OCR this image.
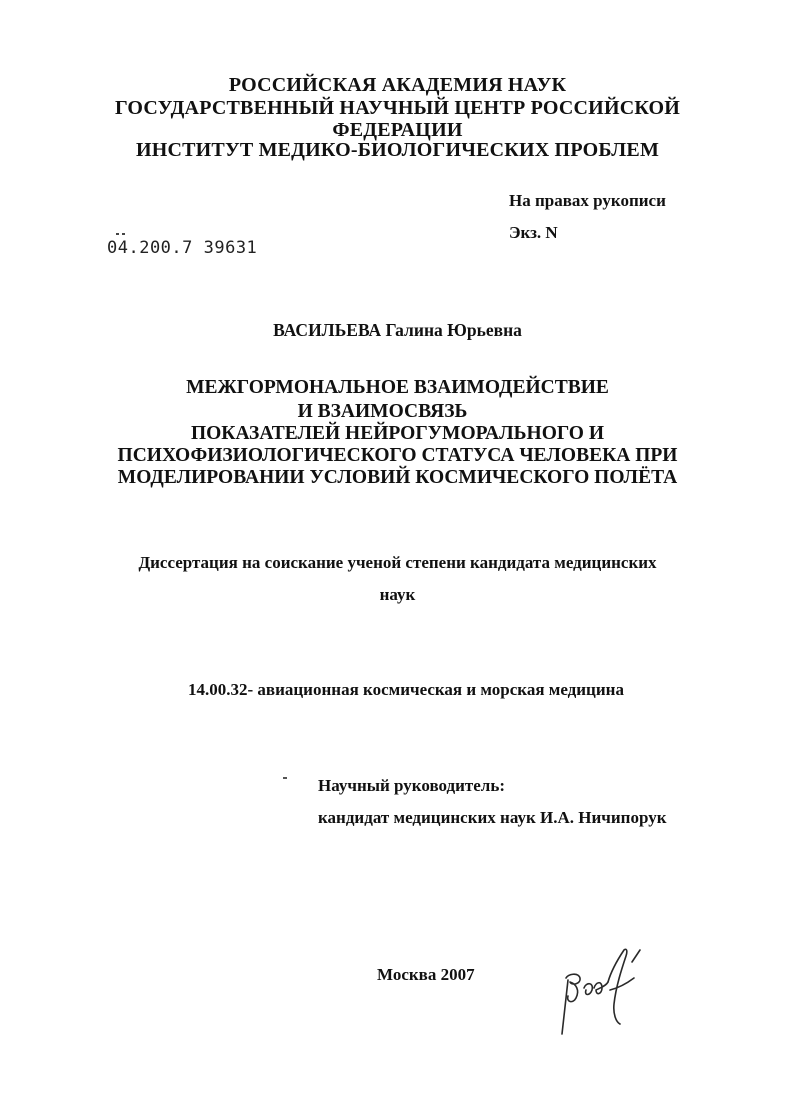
РОССИЙСКАЯ АКАДЕМИЯ НАУК
ГОСУДАРСТВЕННЫЙ НАУЧНЫЙ ЦЕНТР РОССИЙСКОЙ
ФЕДЕРАЦИИ
ИНСТИТУТ МЕДИКО-БИОЛОГИЧЕСКИХ ПРОБЛЕМ
На правах рукописи
Экз. N
04.200.7 39631
ВАСИЛЬЕВА Галина Юрьевна
МЕЖГОРМОНАЛЬНОЕ ВЗАИМОДЕЙСТВИЕ
И ВЗАИМОСВЯЗЬ
ПОКАЗАТЕЛЕЙ НЕЙРОГУМОРАЛЬНОГО И
ПСИХОФИЗИОЛОГИЧЕСКОГО СТАТУСА ЧЕЛОВЕКА ПРИ
МОДЕЛИРОВАНИИ УСЛОВИЙ КОСМИЧЕСКОГО ПОЛЁТА
Диссертация на соискание ученой степени кандидата медицинских
наук
14.00.32- авиационная космическая и морская медицина
Научный руководитель:
кандидат медицинских наук И.А. Ничипорук
Москва 2007
